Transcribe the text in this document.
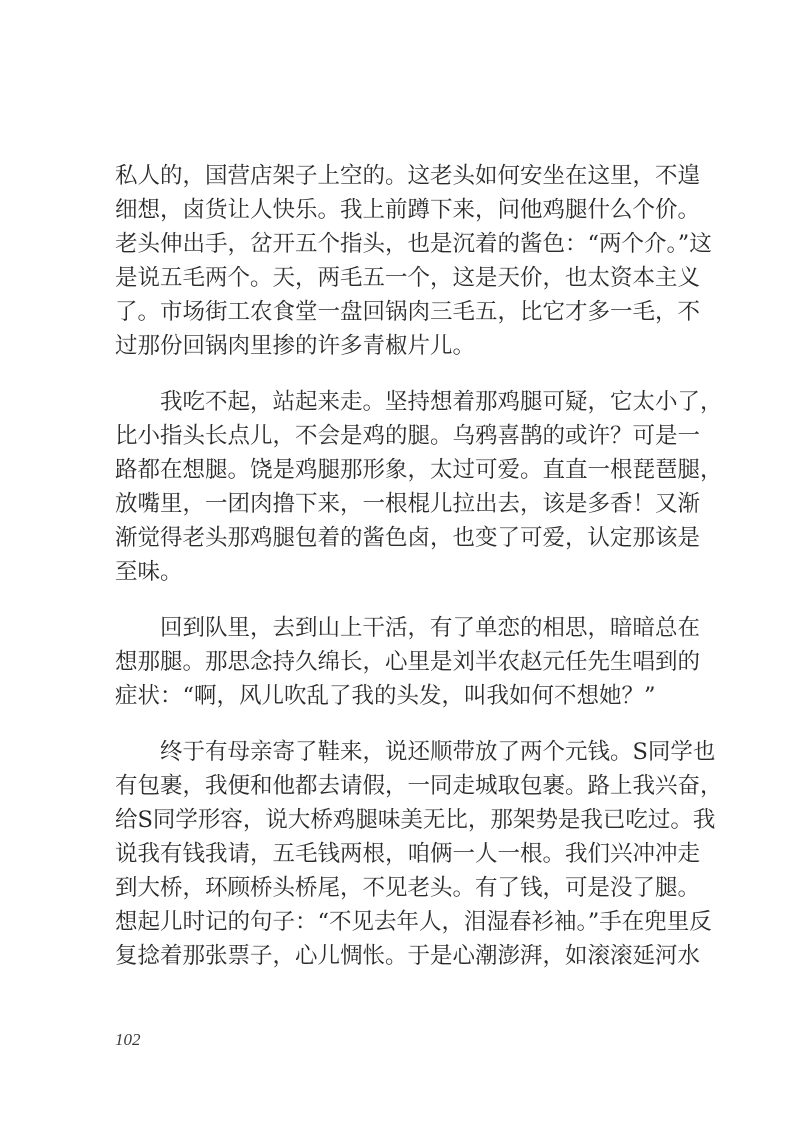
私人的，国营店架子上空的。这老头如何安坐在这里，不遑
细想，卤货让人快乐。我上前蹲下来，问他鸡腿什么个价。
老头伸出手，岔开五个指头，也是沉着的酱色：“两个介。”这
是说五毛两个。天，两毛五一个，这是天价，也太资本主义
了。市场街工农食堂一盘回锅肉三毛五，比它才多一毛，不
过那份回锅肉里掺的许多青椒片儿。
　　我吃不起，站起来走。坚持想着那鸡腿可疑，它太小了，
比小指头长点儿，不会是鸡的腿。乌鸦喜鹊的或许？可是一
路都在想腿。饶是鸡腿那形象，太过可爱。直直一根琵琶腿，
放嘴里，一团肉撸下来，一根棍儿拉出去，该是多香！又渐
渐觉得老头那鸡腿包着的酱色卤，也变了可爱，认定那该是
至味。
　　回到队里，去到山上干活，有了单恋的相思，暗暗总在
想那腿。那思念持久绵长，心里是刘半农赵元任先生唱到的
症状：“啊，风儿吹乱了我的头发，叫我如何不想她？”
　　终于有母亲寄了鞋来，说还顺带放了两个元钱。S同学也
有包裹，我便和他都去请假，一同走城取包裹。路上我兴奋，
给S同学形容，说大桥鸡腿味美无比，那架势是我已吃过。我
说我有钱我请，五毛钱两根，咱俩一人一根。我们兴冲冲走
到大桥，环顾桥头桥尾，不见老头。有了钱，可是没了腿。
想起儿时记的句子：“不见去年人，泪湿春衫袖。”手在兜里反
复捻着那张票子，心儿惆怅。于是心潮澎湃，如滚滚延河水
102
